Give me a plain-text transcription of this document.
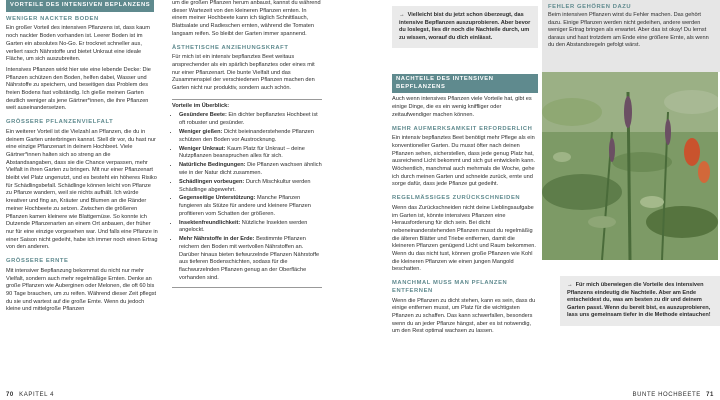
VORTEILE DES INTENSIVEN BEPLANZENS
WENIGER NACKTER BODEN

Ein großer Vorteil des intensiven Pflanzens ist, dass kaum noch nackter Boden vorhanden ist. Leerer Boden ist im Garten ein absolutes No-Go. Er trocknet schneller aus, verliert rasch Nährstoffe und bietet Unkraut eine ideale Fläche, um sich auszubreiten.

Intensives Pflanzen wirkt hier wie eine lebende Decke: Die Pflanzen schützen den Boden, helfen dabei, Wasser und Nährstoffe zu speichern, und beseitigen das Problem des freien Bodens fast vollständig. Ich gieße meinen Garten deutlich weniger als jene Gärtner*innen, die ihre Pflanzen weit auseinandersetzen.

GRÖSSERE PFLANZENVIELFALT

Ein weiterer Vorteil ist die Vielzahl an Pflanzen, die du in deinem Garten unterbringen kannst. Stell dir vor, du hast nur eine einzige Pflanzenart in deinem Hochbeet. Viele Gärtner*innen halten sich so streng an die Abstandsangaben, dass sie die Chance verpassen, mehr Vielfalt in ihren Garten zu bringen. Mit nur einer Pflanzenart bleibt viel Platz ungenutzt, und es besteht ein höheres Risiko für Schädlingsbefall. Schädlinge können leicht von Pflanze zu Pflanze wandern, weil sie nichts aufhält. Ich würde kreativer und fing an, Kräuter und Blumen an die Ränder meiner Hochbeete zu setzen. Zwischen die größeren Pflanzen kamen kleinere wie Blattgemüse. So konnte ich Dutzende Pflanzenarten an einem Ort anbauen, der früher nur für eine einzige vorgesehen war. Und falls eine Pflanze in einer Saison nicht gedeiht, habe ich immer noch einen Ertrag von den anderen.

GRÖSSERE ERNTE

Mit intensiver Bepflanzung bekommst du nicht nur mehr Vielfalt, sondern auch mehr regelmäßige Ernten. Denke an große Pflanzen wie Auberginen oder Melonen, die oft 60 bis 90 Tage brauchen, um zu reifen. Während dieser Zeit pflegst du sie und wartest auf die große Ernte. Wenn du jedoch kleine und mittelgroße Pflanzen

um die großen Pflanzen herum anbaust, kannst du während dieser Wartezeit von den kleineren Pflanzen ernten. In einem meiner Hochbeete kann ich täglich Schnittlauch, Blattsalate und Radieschen ernten, während die Tomaten langsam reifen. So bleibt der Garten immer spannend.

ÄSTHETISCHE ANZIEHUNGSKRAFT

Für mich ist ein intensiv bepflanztes Beet weitaus ansprechender als ein spärlich bepflanztes oder eines mit nur einer Pflanzenart. Die bunte Vielfalt und das Zusammenspiel der verschiedenen Pflanzen machen den Garten nicht nur produktiv, sondern auch schön.

Vorteile im Überblick:
• Gesündere Beete: Ein dichter bepflanztes Hochbeet ist oft robuster und gesünder.
• Weniger gießen: Dicht beieinanderstehende Pflanzen schützen den Boden vor Austrocknung.
• Weniger Unkraut: Kaum Platz für Unkraut – deine Nutzpflanzen beanspruchen alles für sich.
• Natürliche Bedingungen: Die Pflanzen wachsen ähnlich wie in der Natur dicht zusammen.
• Schädlingen vorbeugen: Durch Mischkultur werden Schädlinge abgewehrt.
• Gegenseitige Unterstützung: Manche Pflanzen fungieren als Stütze für andere und kleinere Pflanzen profitieren vom Schatten der größeren.
• Insektenfreundlichkeit: Nützliche Insekten werden angelockt.
• Mehr Nährstoffe in der Erde: Bestimmte Pflanzen reichern den Boden mit wertvollen Nährstoffen an. Darüber hinaus bieten tiefwurzelnde Pflanzen Nährstoffe aus tieferen Bodenschichten, sodass für die flachwurzelnden Pflanzen genug an der Oberfläche vorhanden sind.
→ Vielleicht bist du jetzt schon überzeugt, das intensive Bepflanzen auszuprobieren. Aber bevor du loslegst, lies dir noch die Nachteile durch, um zu wissen, worauf du dich einlässt.
NACHTEILE DES INTENSIVEN BEPFLANZENS

Auch wenn intensives Pflanzen viele Vorteile hat, gibt es einige Dinge, die es ein wenig kniffliger oder zeitaufwendiger machen können.

MEHR AUFMERKSAMKEIT ERFORDERLICH

Ein intensiv bepflanztes Beet benötigt mehr Pflege als ein konventioneller Garten. Du musst öfter nach deinen Pflanzen sehen, sicherstellen, dass jede genug Platz hat, ausreichend Licht bekommt und sich gut entwickeln kann. Wöchentlich, manchmal auch mehrmals die Woche, gehe ich durch meinen Garten und schneide zurück, ernte und sorge dafür, dass jede Pflanze gut gedeiht.

REGELMÄSSIGES ZURÜCKSCHNEIDEN

Wenn das Zurückschneiden nicht deine Lieblingsaufgabe im Garten ist, könnte intensives Pflanzen eine Herausforderung für dich sein. Bei dicht nebeneinanderstehenden Pflanzen musst du regelmäßig die älteren Blätter und Triebe entfernen, damit die kleineren Pflanzen genügend Licht und Raum bekommen. Wenn du das nicht tust, können große Pflanzen wie Kohl die kleineren Pflanzen wie einen jungen Mangold beschatten.

MANCHMAL MUSS MAN PFLANZEN ENTFERNEN

Wenn die Pflanzen zu dicht stehen, kann es sein, dass du einige entfernen musst, um Platz für die wichtigsten Pflanzen zu schaffen. Das kann schwerfallen, besonders wenn du an jeder Pflanze hängst, aber es ist notwendig, um den Rest optimal wachsen zu lassen.

FEHLER GEHÖREN DAZU
Beim intensiven Pflanzen wirst du Fehler machen. Das gehört dazu. Einige Pflanzen werden nicht gedeihen, andere werden weniger Ertrag bringen als erwartet. Aber das ist okay! Du lernst daraus und hast trotzdem am Ende eine größere Ernte, als wenn du den Abstandsregeln gefolgt wärst.
→ Für mich überwiegen die Vorteile des intensiven Pflanzens eindeutig die Nachteile. Aber am Ende entscheidest du, was am besten zu dir und deinem Garten passt. Wenn du bereit bist, es auszuprobieren, lass uns gemeinsam tiefer in die Methode eintauchen!
70 KAPITEL 4	BUNTE HOCHBEETE 71
